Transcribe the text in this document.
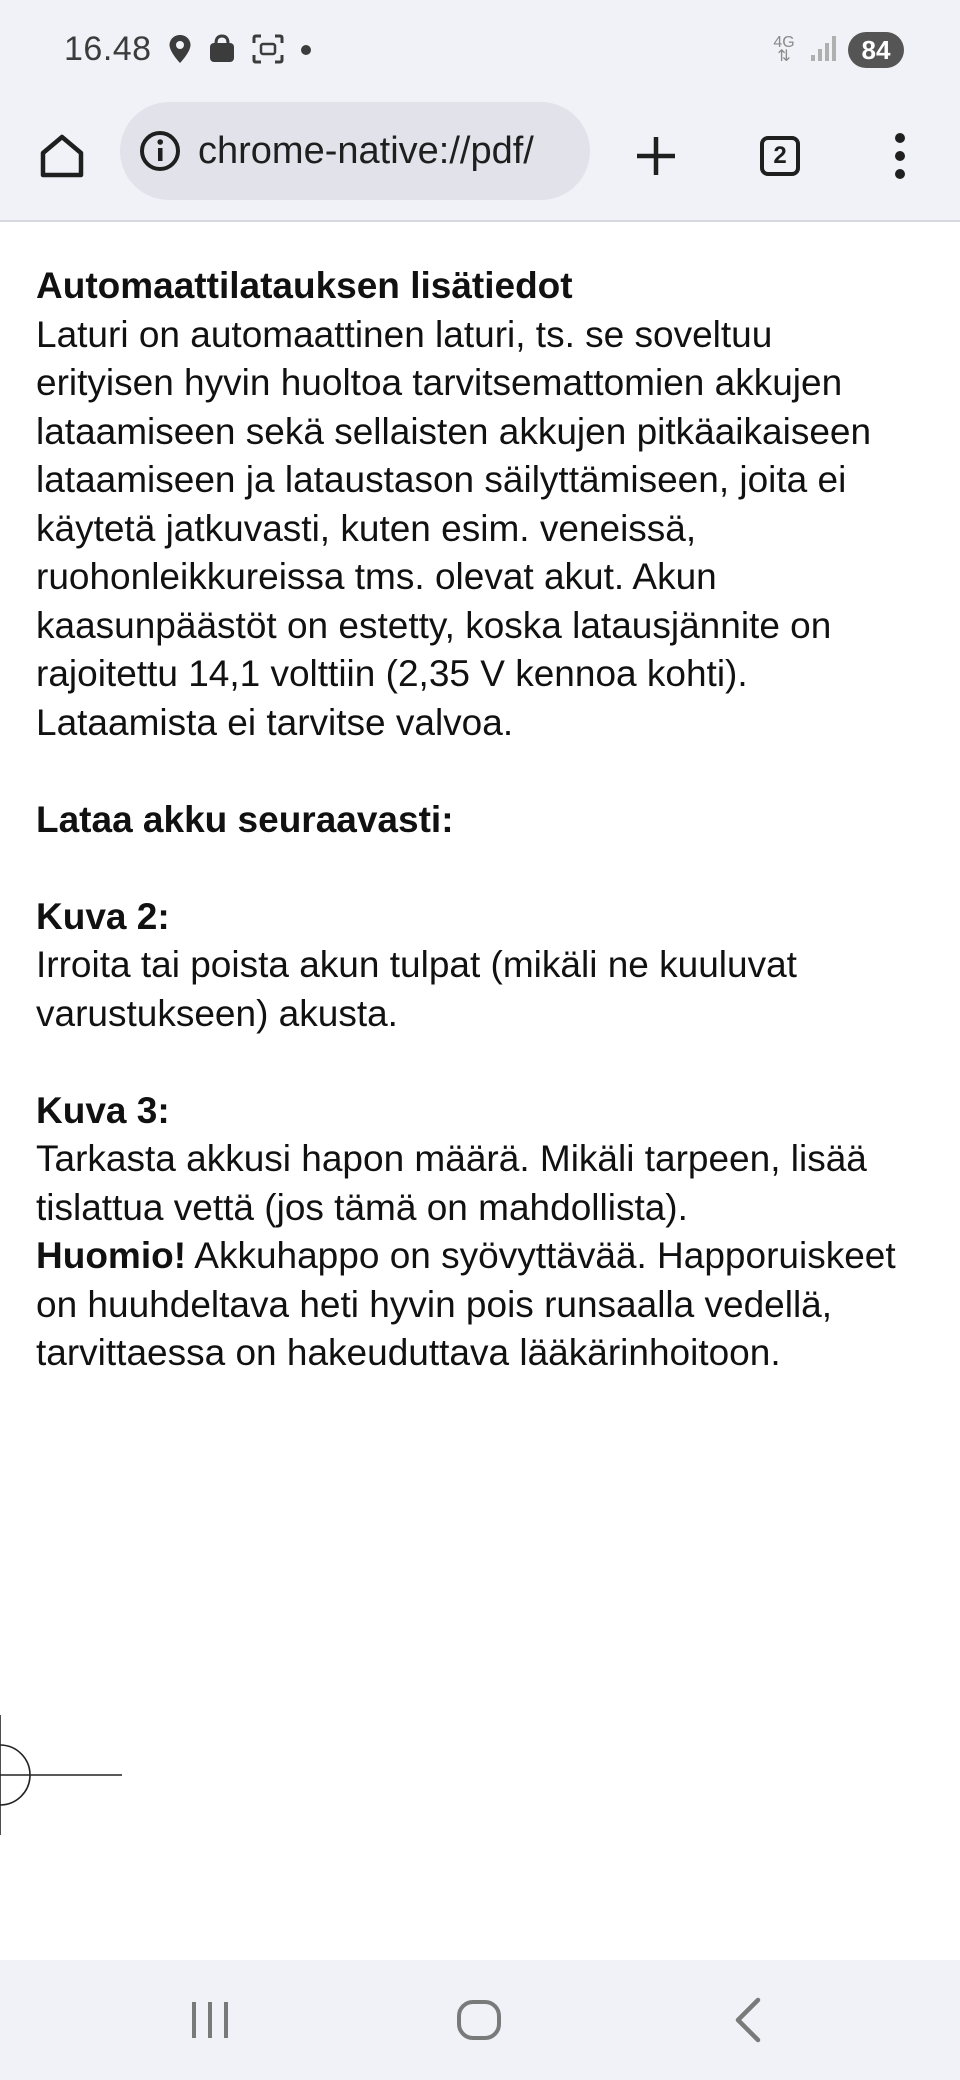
16.48	4G
⇅	84
chrome-native://pdf/	2
Automaattilatauksen lisätiedot
Laturi on automaattinen laturi, ts. se soveltuu
erityisen hyvin huoltoa tarvitsemattomien akkujen
lataamiseen sekä sellaisten akkujen pitkäaikaiseen
lataamiseen ja lataustason säilyttämiseen, joita ei
käytetä jatkuvasti, kuten esim. veneissä,
ruohonleikkureissa tms. olevat akut. Akun
kaasunpäästöt on estetty, koska latausjännite on
rajoitettu 14,1 volttiin (2,35 V kennoa kohti).
Lataamista ei tarvitse valvoa.
Lataa akku seuraavasti:
Kuva 2:
Irroita tai poista akun tulpat (mikäli ne kuuluvat
varustukseen) akusta.
Kuva 3:
Tarkasta akkusi hapon määrä. Mikäli tarpeen, lisää
tislattua vettä (jos tämä on mahdollista).
Huomio! Akkuhappo on syövyttävää. Happoruiskeet
on huuhdeltava heti hyvin pois runsaalla vedellä,
tarvittaessa on hakeuduttava lääkärinhoitoon.
